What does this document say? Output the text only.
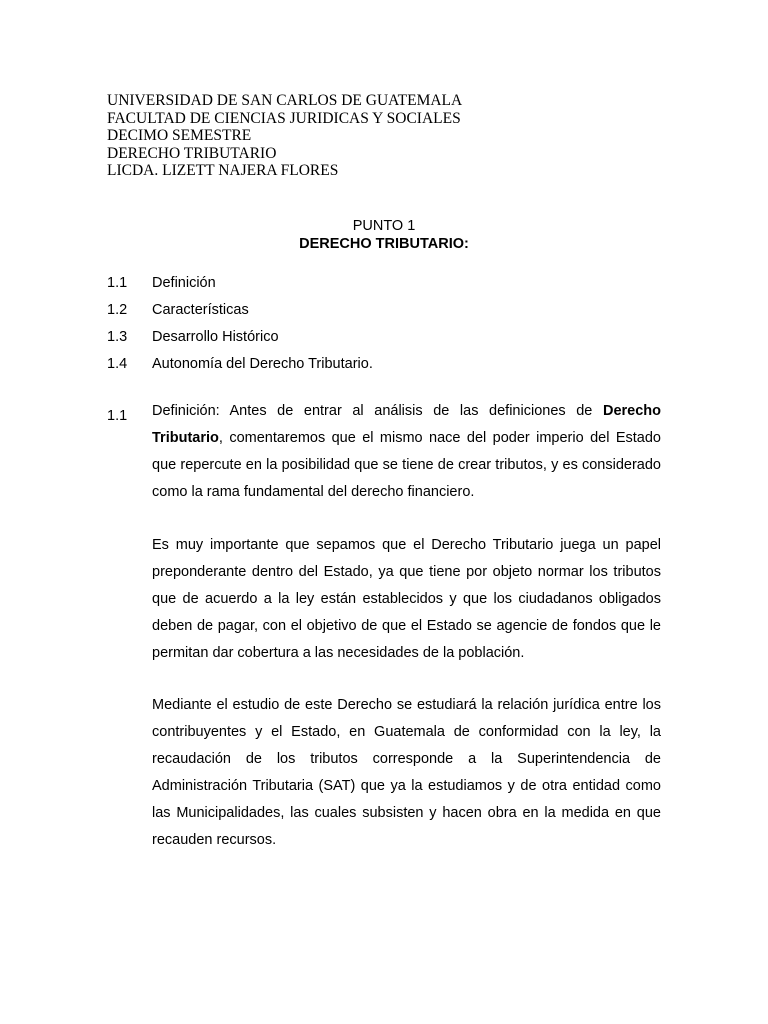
UNIVERSIDAD DE SAN CARLOS DE GUATEMALA
FACULTAD DE CIENCIAS JURIDICAS Y SOCIALES
DECIMO SEMESTRE
DERECHO TRIBUTARIO
LICDA. LIZETT NAJERA FLORES
PUNTO 1
DERECHO TRIBUTARIO:
1.1	Definición
1.2	Características
1.3	Desarrollo Histórico
1.4	Autonomía del Derecho Tributario.
1.1 Definición: Antes de entrar al análisis de las definiciones de Derecho Tributario, comentaremos que el mismo nace del poder imperio del Estado que repercute en la posibilidad que se tiene de crear tributos, y es considerado como la rama fundamental del derecho financiero.

Es muy importante que sepamos que el Derecho Tributario juega un papel preponderante dentro del Estado, ya que tiene por objeto normar los tributos que de acuerdo a la ley están establecidos y que los ciudadanos obligados deben de pagar, con el objetivo de que el Estado se agencie de fondos que le permitan dar cobertura a las necesidades de la población.

Mediante el estudio de este Derecho se estudiará la relación jurídica entre los contribuyentes y el Estado, en Guatemala de conformidad con la ley, la recaudación de los tributos corresponde a la Superintendencia de Administración Tributaria (SAT) que ya la estudiamos y de otra entidad como las Municipalidades, las cuales subsisten y hacen obra en la medida en que recauden recursos.
